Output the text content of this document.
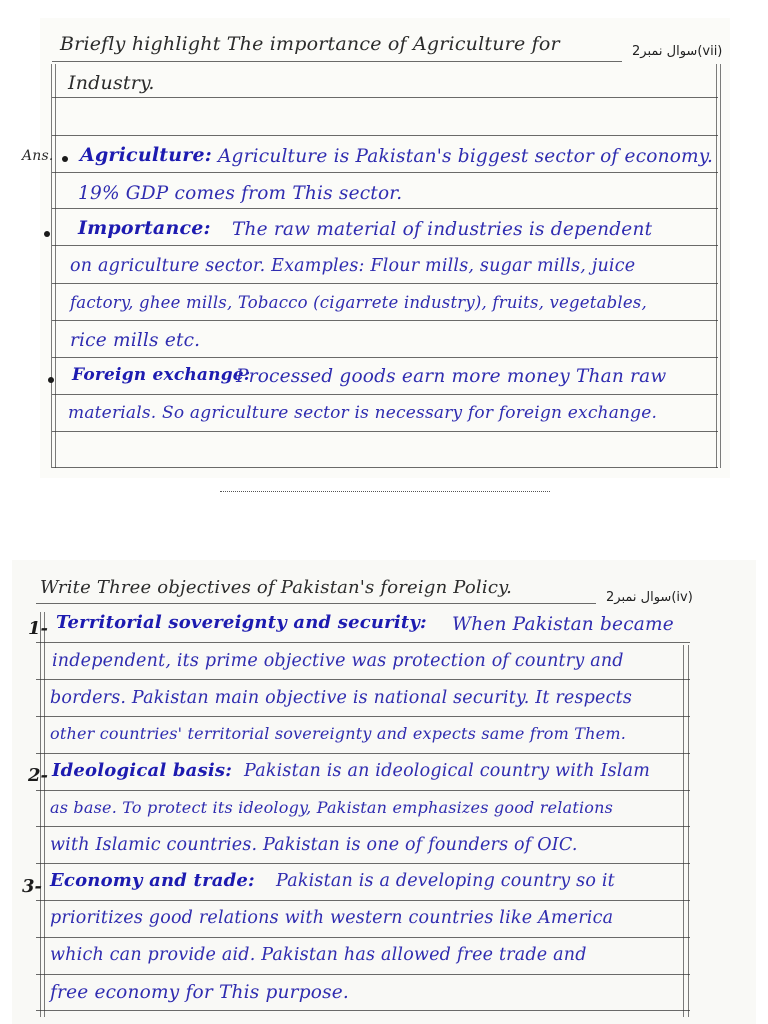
Briefly highlight The importance of Agriculture for	سوال نمبر2(vii)
Industry.
Ans. Agriculture: Agriculture is Pakistan's biggest sector of economy.
19% GDP comes from This sector.
Importance: The raw material of industries is dependent
on agriculture sector. Examples: Flour mills, sugar mills, juice
factory, ghee mills, Tobacco (cigarrete industry), fruits, vegetables,
rice mills etc.
Foreign exchange:
Processed goods earn more money Than raw
materials. So agriculture sector is necessary for foreign exchange.
Write Three objectives of Pakistan's foreign Policy.	سوال نمبر2(iv)
1- Territorial sovereignty and security: When Pakistan became
independent, its prime objective was protection of country and
borders. Pakistan main objective is national security. It respects
other countries' territorial sovereignty and expects same from Them.
2- Ideological basis: Pakistan is an ideological country with Islam
as base. To protect its ideology, Pakistan emphasizes good relations
with Islamic countries. Pakistan is one of founders of OIC.
3- Economy and trade: Pakistan is a developing country so it
prioritizes good relations with western countries like America
which can provide aid. Pakistan has allowed free trade and
free economy for This purpose.
